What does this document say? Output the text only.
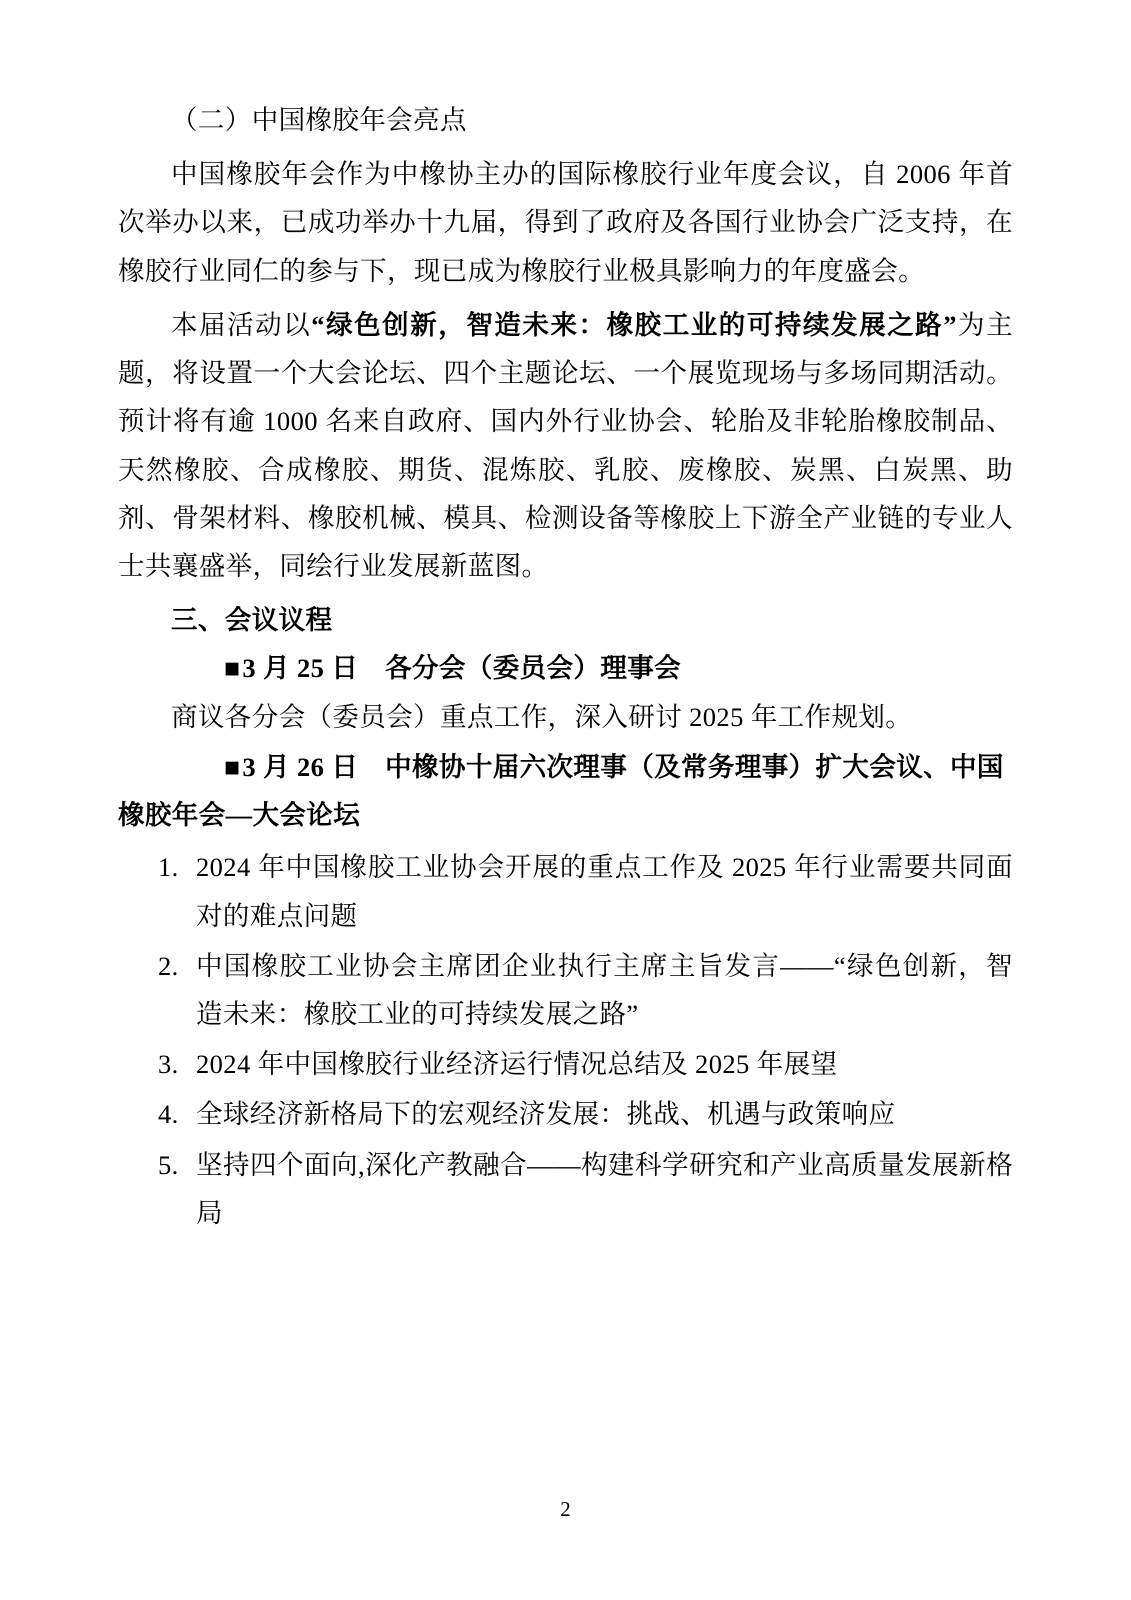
（二）中国橡胶年会亮点

中国橡胶年会作为中橡协主办的国际橡胶行业年度会议，自 2006 年首次举办以来，已成功举办十九届，得到了政府及各国行业协会广泛支持，在橡胶行业同仁的参与下，现已成为橡胶行业极具影响力的年度盛会。

本届活动以“绿色创新，智造未来：橡胶工业的可持续发展之路”为主题，将设置一个大会论坛、四个主题论坛、一个展览现场与多场同期活动。预计将有逾 1000 名来自政府、国内外行业协会、轮胎及非轮胎橡胶制品、天然橡胶、合成橡胶、期货、混炼胶、乳胶、废橡胶、炭黑、白炭黑、助剂、骨架材料、橡胶机械、模具、检测设备等橡胶上下游全产业链的专业人士共襄盛举，同绘行业发展新蓝图。

三、会议议程

■3 月 25 日　各分会（委员会）理事会

商议各分会（委员会）重点工作，深入研讨 2025 年工作规划。

■3 月 26 日　中橡协十届六次理事（及常务理事）扩大会议、中国

橡胶年会—大会论坛

1. 2024 年中国橡胶工业协会开展的重点工作及 2025 年行业需要共同面对的难点问题
2. 中国橡胶工业协会主席团企业执行主席主旨发言——“绿色创新，智造未来：橡胶工业的可持续发展之路”
3. 2024 年中国橡胶行业经济运行情况总结及 2025 年展望
4. 全球经济新格局下的宏观经济发展：挑战、机遇与政策响应
5. 坚持四个面向,深化产教融合——构建科学研究和产业高质量发展新格局
2
